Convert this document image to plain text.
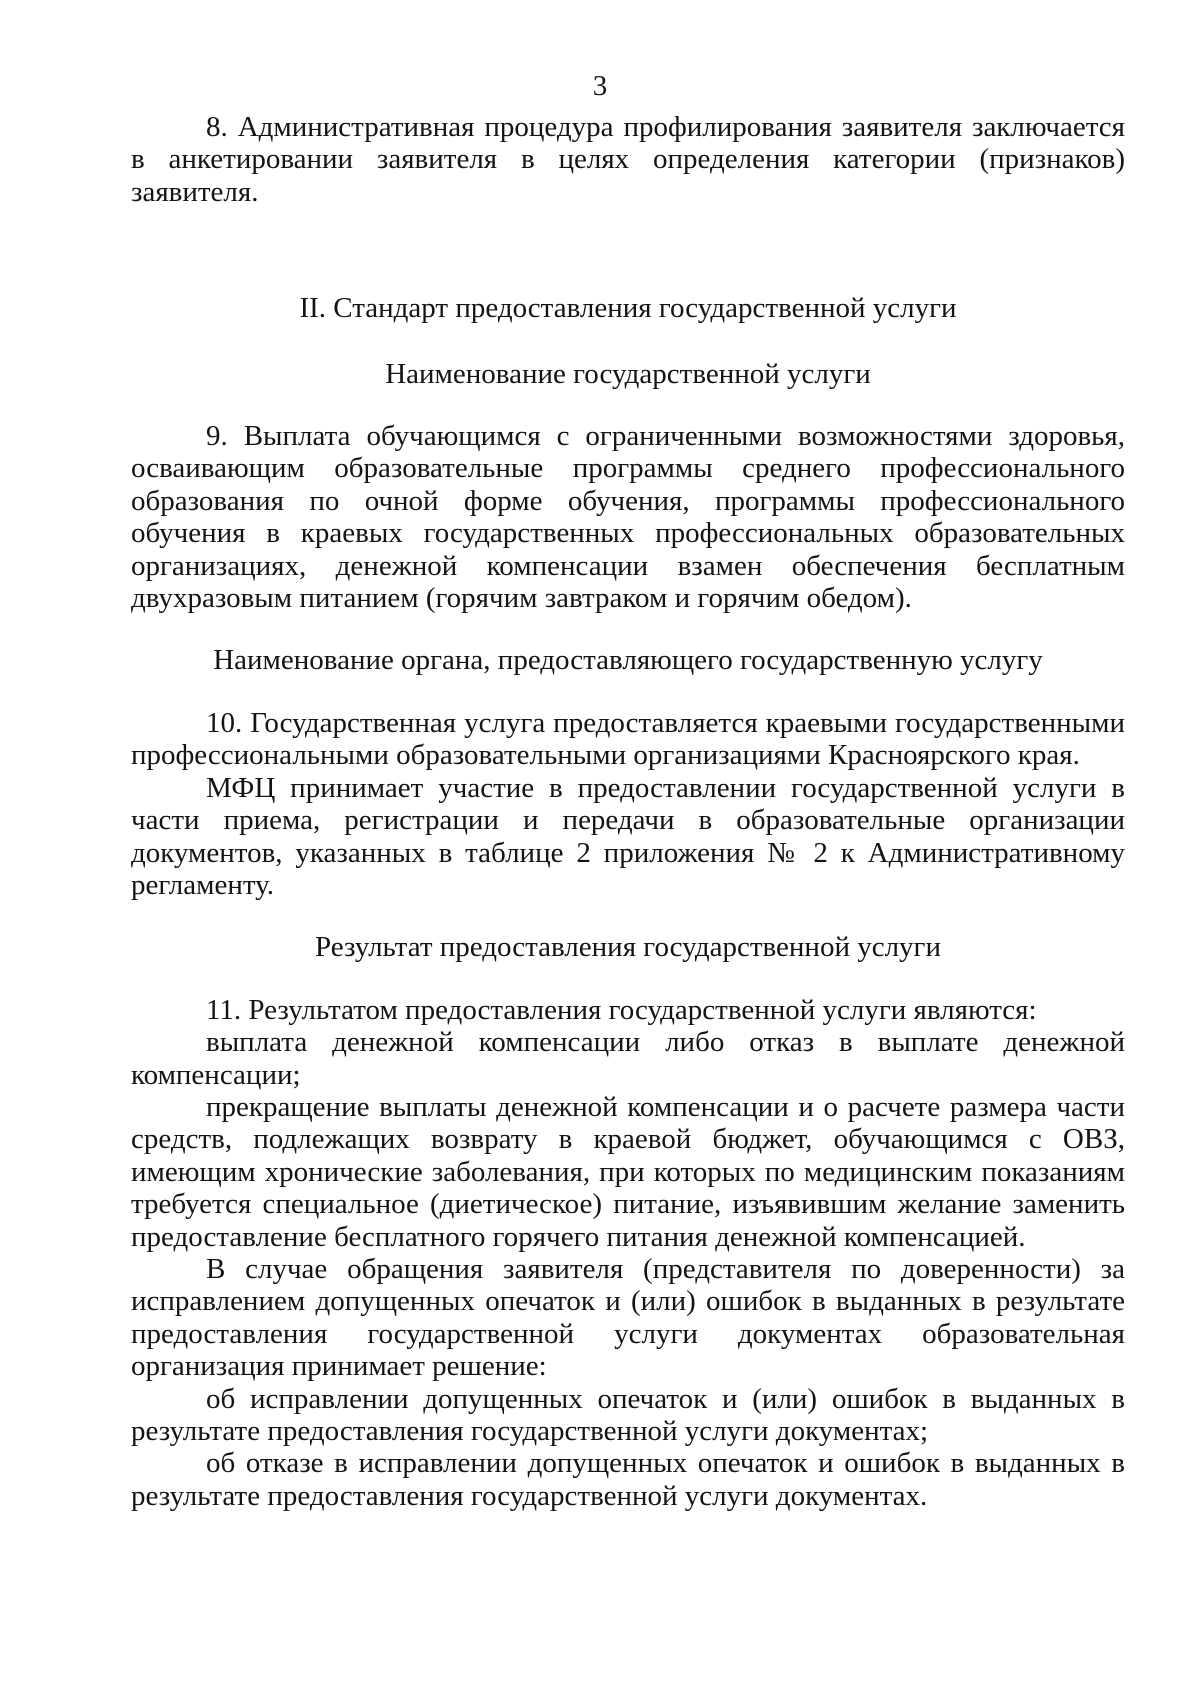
3

8. Административная процедура профилирования заявителя заключается в анкетировании заявителя в целях определения категории (признаков) заявителя.

II. Стандарт предоставления государственной услуги

Наименование государственной услуги

9. Выплата обучающимся с ограниченными возможностями здоровья, осваивающим образовательные программы среднего профессионального образования по очной форме обучения, программы профессионального обучения в краевых государственных профессиональных образовательных организациях, денежной компенсации взамен обеспечения бесплатным двухразовым питанием (горячим завтраком и горячим обедом).

Наименование органа, предоставляющего государственную услугу

10. Государственная услуга предоставляется краевыми государственными профессиональными образовательными организациями Красноярского края.

МФЦ принимает участие в предоставлении государственной услуги в части приема, регистрации и передачи в образовательные организации документов, указанных в таблице 2 приложения № 2 к Административному регламенту.

Результат предоставления государственной услуги

11. Результатом предоставления государственной услуги являются:

выплата денежной компенсации либо отказ в выплате денежной компенсации;

прекращение выплаты денежной компенсации и о расчете размера части средств, подлежащих возврату в краевой бюджет, обучающимся с ОВЗ, имеющим хронические заболевания, при которых по медицинским показаниям требуется специальное (диетическое) питание, изъявившим желание заменить предоставление бесплатного горячего питания денежной компенсацией.

В случае обращения заявителя (представителя по доверенности) за исправлением допущенных опечаток и (или) ошибок в выданных в результате предоставления государственной услуги документах образовательная организация принимает решение:

об исправлении допущенных опечаток и (или) ошибок в выданных в результате предоставления государственной услуги документах;

об отказе в исправлении допущенных опечаток и ошибок в выданных в результате предоставления государственной услуги документах.
